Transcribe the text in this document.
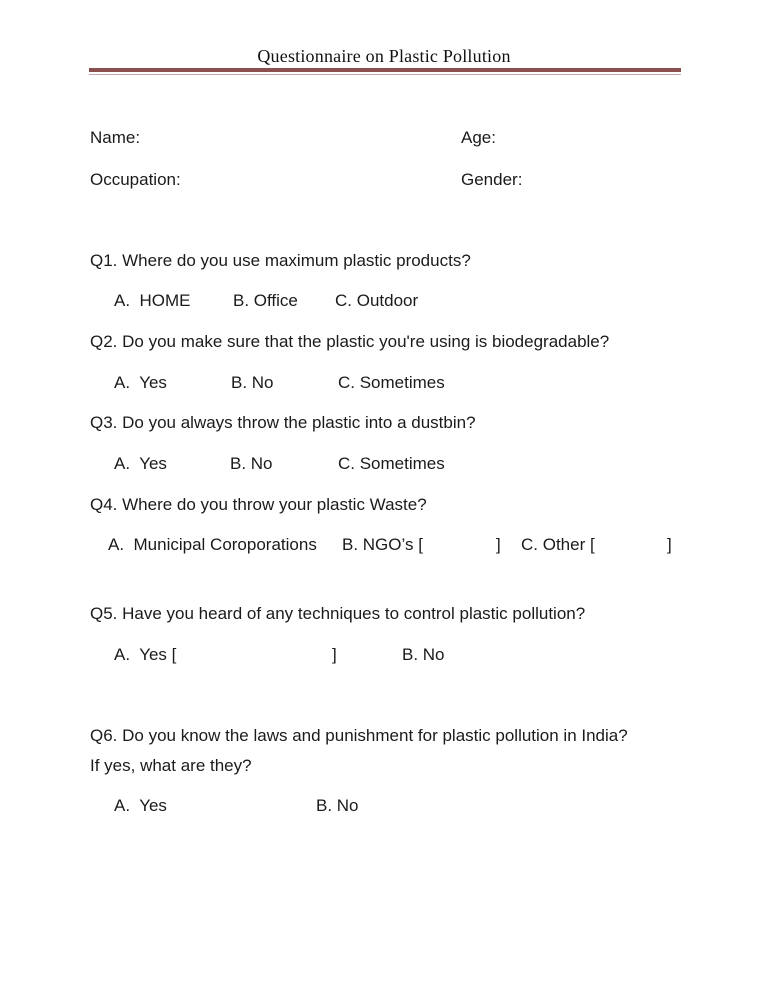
Questionnaire on Plastic Pollution
Name:	Age:
Occupation:	Gender:
Q1. Where do you use maximum plastic products?
A.  HOME B. Office C. Outdoor
Q2. Do you make sure that the plastic you're using is biodegradable?
A.  Yes	B. No	C. Sometimes
Q3. Do you always throw the plastic into a dustbin?
A.  Yes	B. No	C. Sometimes
Q4. Where do you throw your plastic Waste?
A.  Municipal Coroporations B. NGO’s [	] C. Other [	]
Q5. Have you heard of any techniques to control plastic pollution?
A.  Yes [	]	B. No
Q6. Do you know the laws and punishment for plastic pollution in India?
If yes, what are they?
A.  Yes	B. No
